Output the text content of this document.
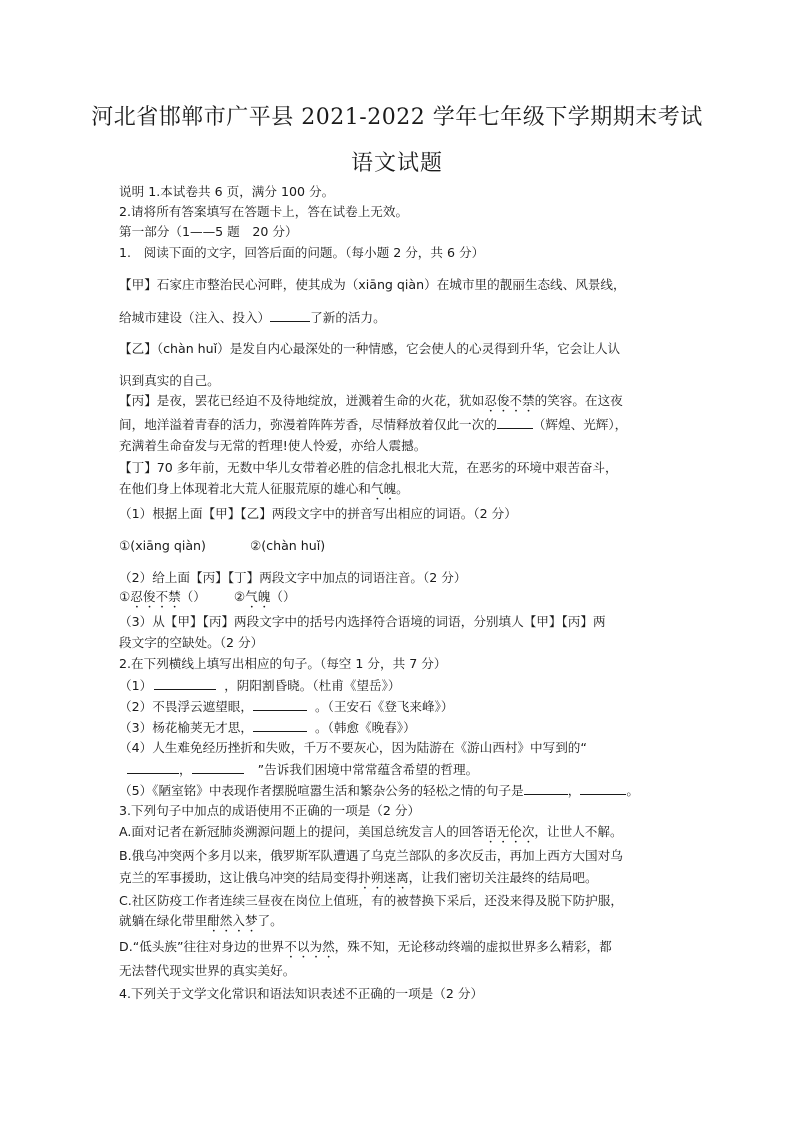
河北省邯郸市广平县 2021-2022 学年七年级下学期期末考试
语文试题
说明 1.本试卷共 6 页，满分 100 分。
2.请将所有答案填写在答题卡上，答在试卷上无效。
第一部分（1——5 题　20 分）
1.　阅读下面的文字，回答后面的问题。（每小题 2 分，共 6 分）
【甲】石家庄市整治民心河畔，使其成为（xiāng qiàn）在城市里的靓丽生态线、风景线，
给城市建设（注入、投入）	了新的活力。
【乙】（chàn huǐ）是发自内心最深处的一种情感，它会使人的心灵得到升华，它会让人认
识到真实的自己。
【丙】是夜，罢花已经迫不及待地绽放，迸溅着生命的火花，犹如忍俊不禁的笑容。在这夜
间，地洋溢着青春的活力，弥漫着阵阵芳香，尽情释放着仅此一次的	（辉煌、光辉），
充满着生命奋发与无常的哲理!使人怜爱，亦给人震撼。
【丁】70 多年前，无数中华儿女带着必胜的信念扎根北大荒，在恶劣的环境中艰苦奋斗，
在他们身上体现着北大荒人征服荒原的雄心和气魄。
（1）根据上面【甲】【乙】两段文字中的拼音写出相应的词语。（2 分）
①(xiāng qiàn)	②(chàn huǐ)
（2）给上面【丙】【丁】两段文字中加点的词语注音。（2 分）
①忍俊不禁（） ②气魄（）
（3）从【甲】【丙】两段文字中的括号内选择符合语境的词语，分别填人【甲】【丙】两
段文字的空缺处。（2 分）
2.在下列横线上填写出相应的句子。（每空 1 分，共 7 分）
（1）	，阴阳割昏晓。（杜甫《望岳》）
（2）不畏浮云遮望眼，	。（王安石《登飞来峰》）
（3）杨花榆荚无才思，	。（韩愈《晚春》）
（4）人生难免经历挫折和失败，千万不要灰心，因为陆游在《游山西村》中写到的“
，	”告诉我们困境中常常蕴含希望的哲理。
（5）《陋室铭》中表现作者摆脱喧嚣生活和繁杂公务的轻松之情的句子是	，	。
3.下列句子中加点的成语使用不正确的一项是（2 分）
A.面对记者在新冠肺炎溯源问题上的提问，美国总统发言人的回答语无伦次，让世人不解。
B.俄乌冲突两个多月以来，俄罗斯军队遭遇了乌克兰部队的多次反击，再加上西方大国对乌
克兰的军事援助，这让俄乌冲突的结局变得扑朔迷离，让我们密切关注最终的结局吧。
C.社区防疫工作者连续三昼夜在岗位上值班，有的被替换下采后，还没来得及脱下防护服，
就躺在绿化带里酣然入梦了。
D.“低头族”往往对身边的世界不以为然，殊不知，无论移动终端的虚拟世界多么精彩，都
无法替代现实世界的真实美好。
4.下列关于文学文化常识和语法知识表述不正确的一项是（2 分）
